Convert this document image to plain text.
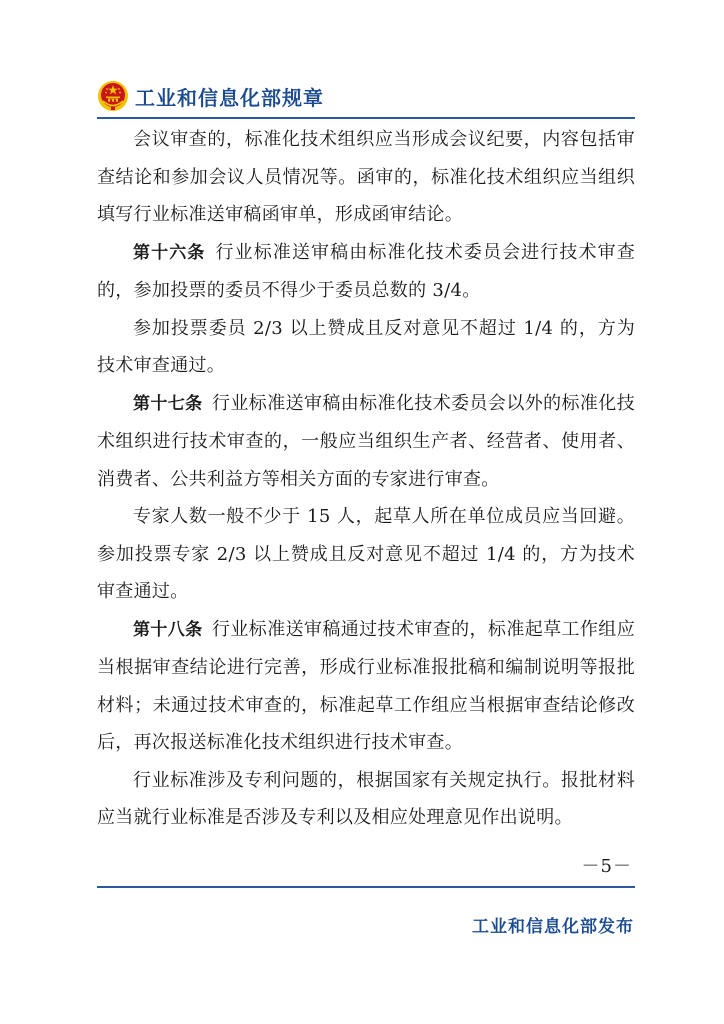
工业和信息化部规章

会议审查的，标准化技术组织应当形成会议纪要，内容包括审查结论和参加会议人员情况等。函审的，标准化技术组织应当组织填写行业标准送审稿函审单，形成函审结论。

第十六条  行业标准送审稿由标准化技术委员会进行技术审查的，参加投票的委员不得少于委员总数的 3/4。

参加投票委员 2/3 以上赞成且反对意见不超过 1/4 的，方为技术审查通过。

第十七条  行业标准送审稿由标准化技术委员会以外的标准化技术组织进行技术审查的，一般应当组织生产者、经营者、使用者、消费者、公共利益方等相关方面的专家进行审查。

专家人数一般不少于 15 人，起草人所在单位成员应当回避。参加投票专家 2/3 以上赞成且反对意见不超过 1/4 的，方为技术审查通过。

第十八条  行业标准送审稿通过技术审查的，标准起草工作组应当根据审查结论进行完善，形成行业标准报批稿和编制说明等报批材料；未通过技术审查的，标准起草工作组应当根据审查结论修改后，再次报送标准化技术组织进行技术审查。

行业标准涉及专利问题的，根据国家有关规定执行。报批材料应当就行业标准是否涉及专利以及相应处理意见作出说明。

－5－
工业和信息化部发布
